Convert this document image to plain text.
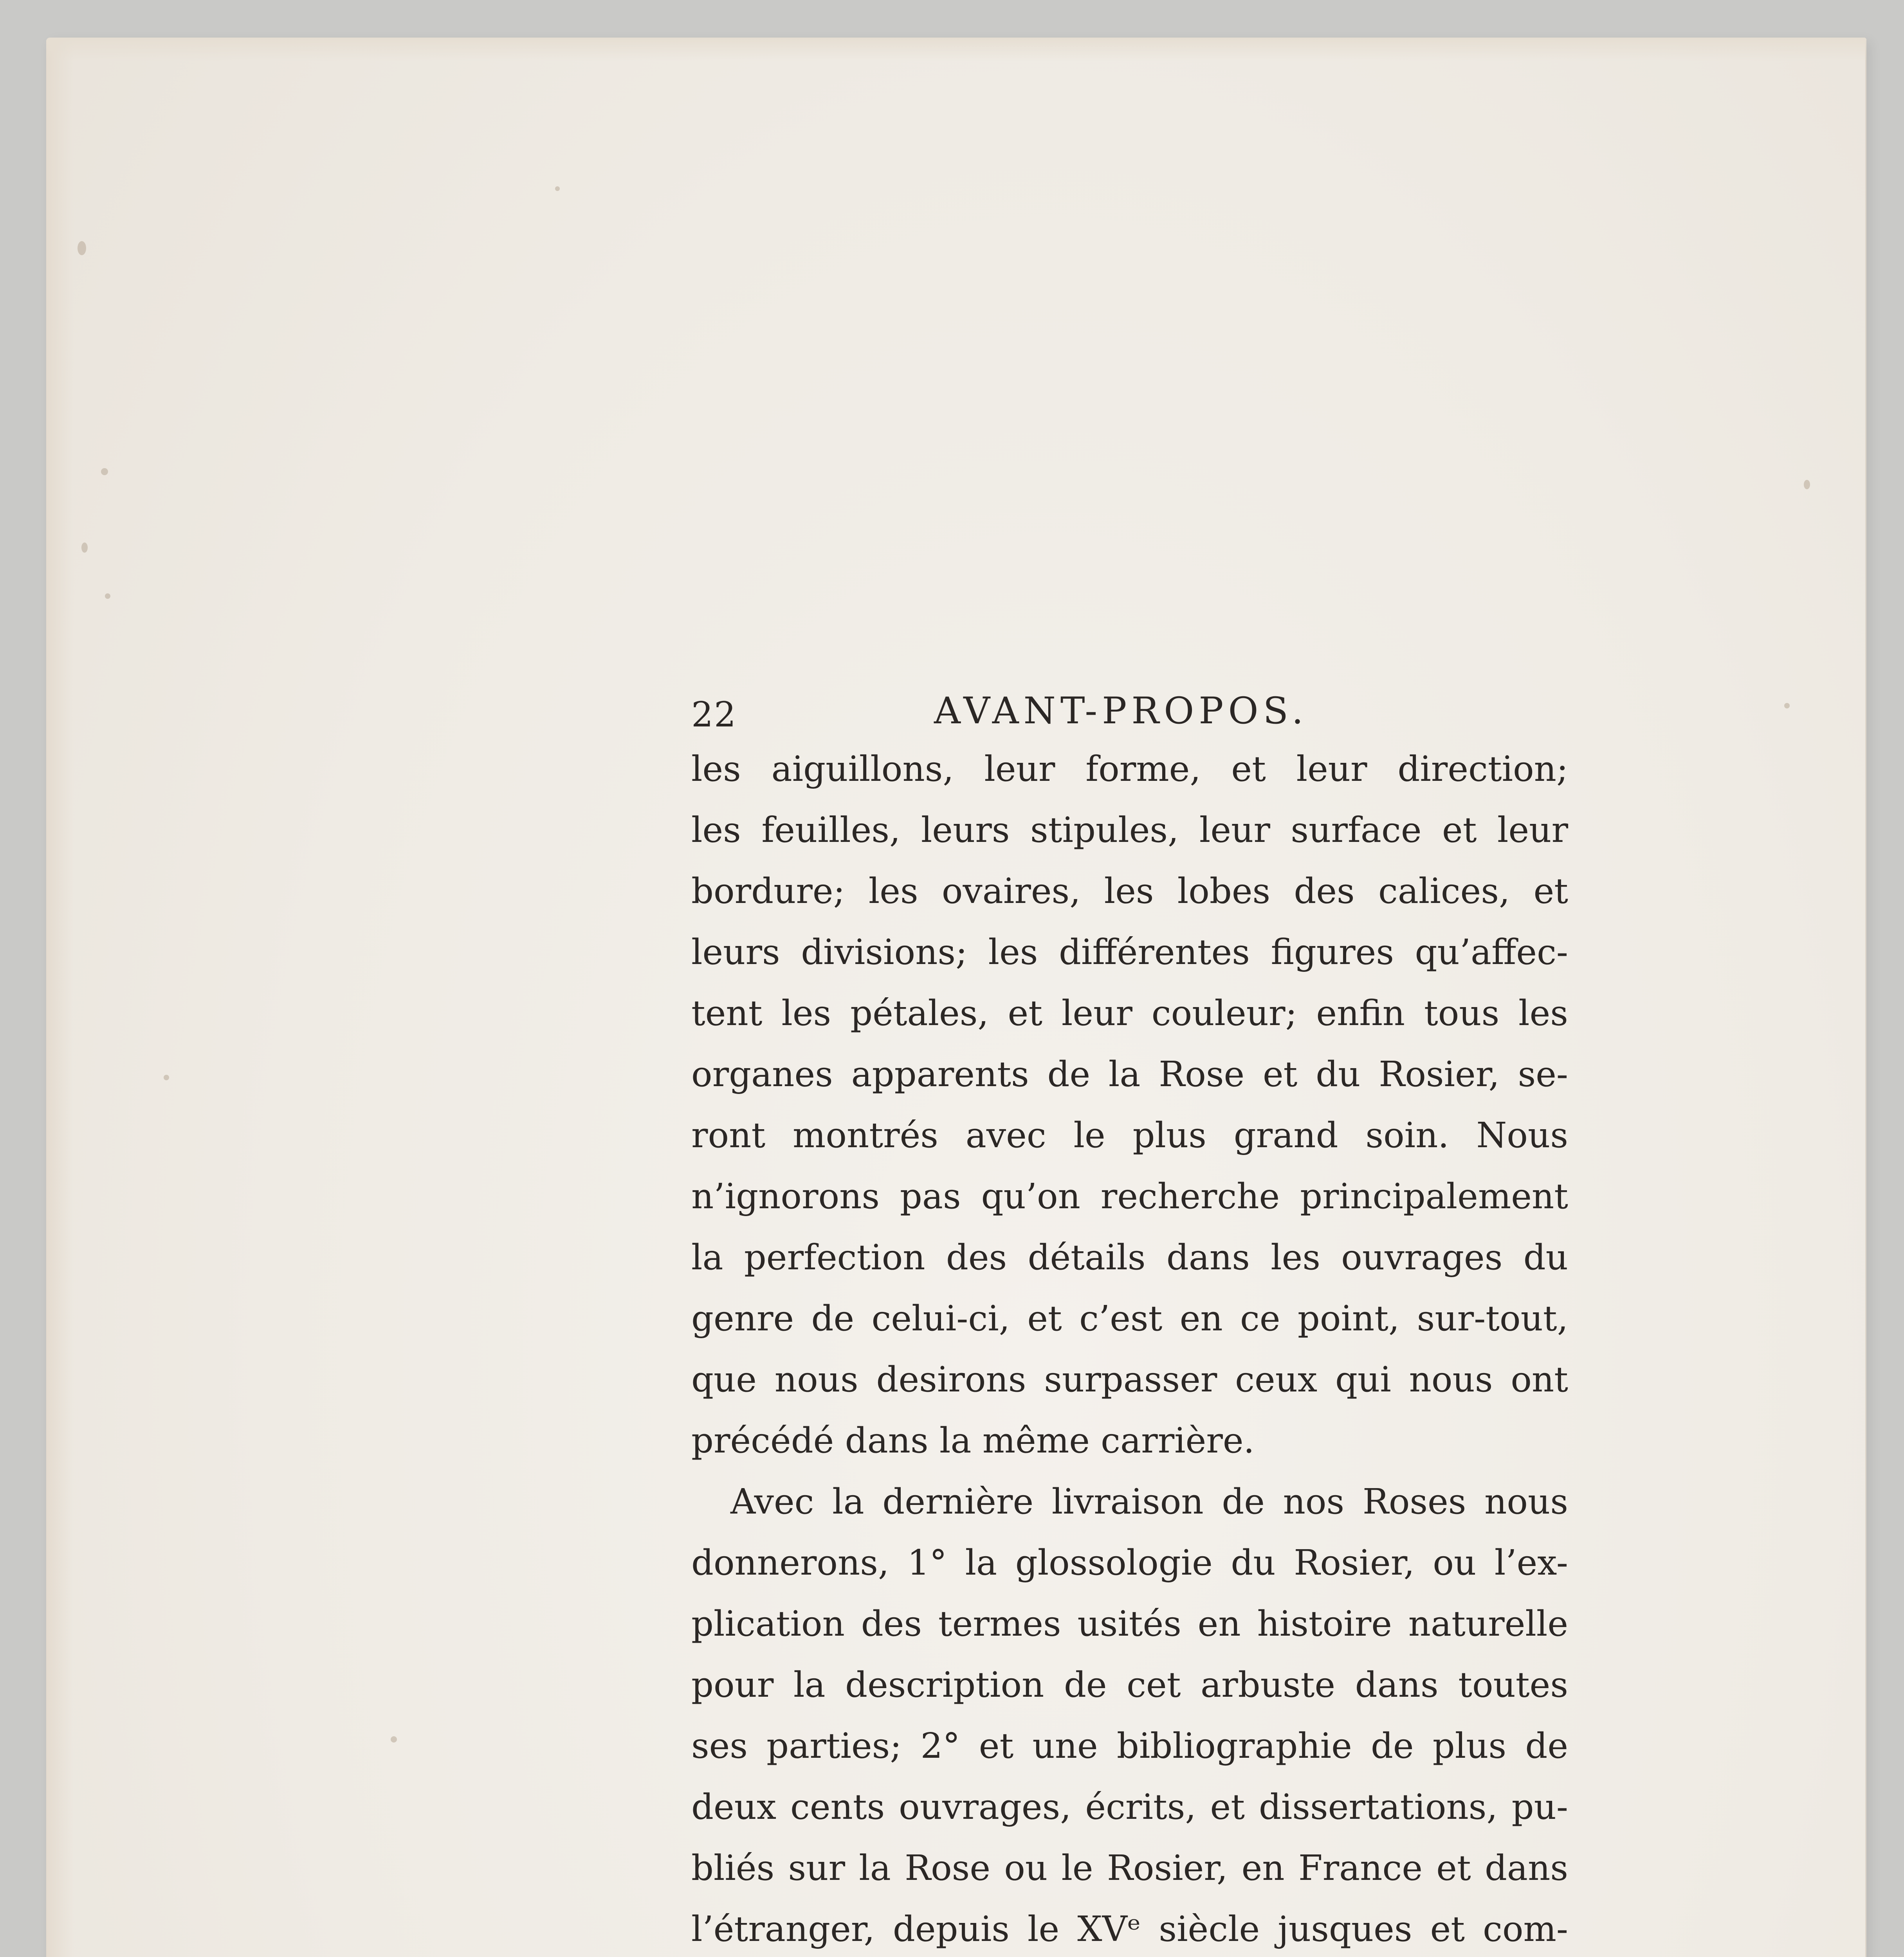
22	AVANT-PROPOS.
les aiguillons, leur forme, et leur direction;
les feuilles, leurs stipules, leur surface et leur
bordure; les ovaires, les lobes des calices, et
leurs divisions; les différentes figures qu’affec-
tent les pétales, et leur couleur; enfin tous les
organes apparents de la Rose et du Rosier, se-
ront montrés avec le plus grand soin. Nous
n’ignorons pas qu’on recherche principalement
la perfection des détails dans les ouvrages du
genre de celui-ci, et c’est en ce point, sur-tout,
que nous desirons surpasser ceux qui nous ont
précédé dans la même carrière.
Avec la dernière livraison de nos Roses nous
donnerons, 1° la glossologie du Rosier, ou l’ex-
plication des termes usités en histoire naturelle
pour la description de cet arbuste dans toutes
ses parties; 2° et une bibliographie de plus de
deux cents ouvrages, écrits, et dissertations, pu-
bliés sur la Rose ou le Rosier, en France et dans
l’étranger, depuis le XVᵉ siècle jusques et com-
